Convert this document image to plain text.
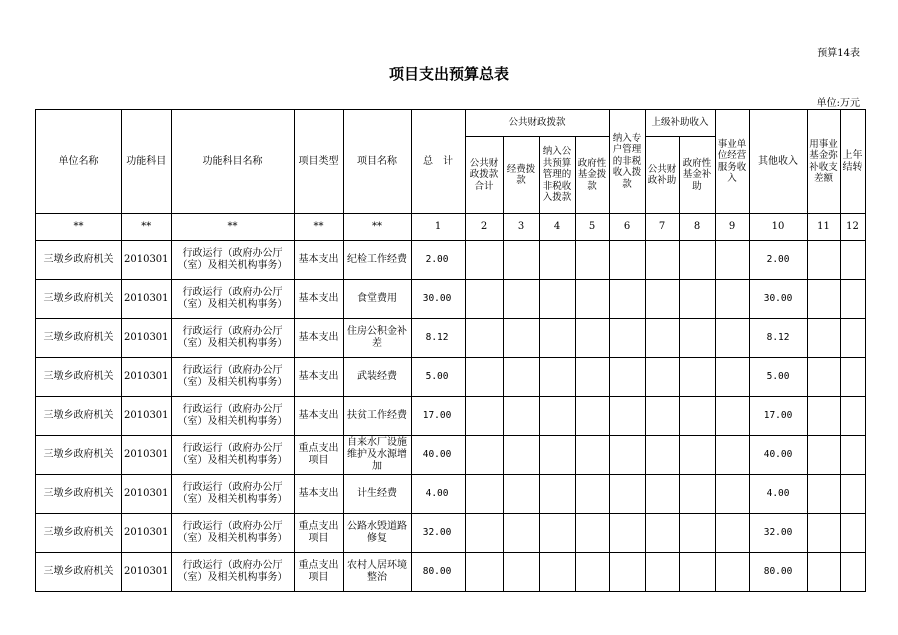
预算14表
项目支出预算总表
单位:万元
单位名称	功能科目	功能科目名称	项目类型	项目名称	总　计	公共财政拨款				纳入专户管理的非税收入拨款	上级补助收入		事业单位经营服务收入	其他收入	用事业基金弥补收支差额	上年结转
						公共财政拨款合计	经费拨款	纳入公共预算管理的非税收入拨款	政府性基金拨款		公共财政补助	政府性基金补助				
**	**	**	**	**	1	2	3	4	5	6	7	8	9	10	11	12
三墩乡政府机关	2010301	行政运行（政府办公厅（室）及相关机构事务）	基本支出	纪检工作经费	2.00									2.00		
三墩乡政府机关	2010301	行政运行（政府办公厅（室）及相关机构事务）	基本支出	食堂费用	30.00									30.00		
三墩乡政府机关	2010301	行政运行（政府办公厅（室）及相关机构事务）	基本支出	住房公积金补差	8.12									8.12		
三墩乡政府机关	2010301	行政运行（政府办公厅（室）及相关机构事务）	基本支出	武装经费	5.00									5.00		
三墩乡政府机关	2010301	行政运行（政府办公厅（室）及相关机构事务）	基本支出	扶贫工作经费	17.00									17.00		
三墩乡政府机关	2010301	行政运行（政府办公厅（室）及相关机构事务）	重点支出项目	自来水厂设施维护及水源增加	40.00									40.00		
三墩乡政府机关	2010301	行政运行（政府办公厅（室）及相关机构事务）	基本支出	计生经费	4.00									4.00		
三墩乡政府机关	2010301	行政运行（政府办公厅（室）及相关机构事务）	重点支出项目	公路水毁道路修复	32.00									32.00		
三墩乡政府机关	2010301	行政运行（政府办公厅（室）及相关机构事务）	重点支出项目	农村人居环境整治	80.00									80.00		
